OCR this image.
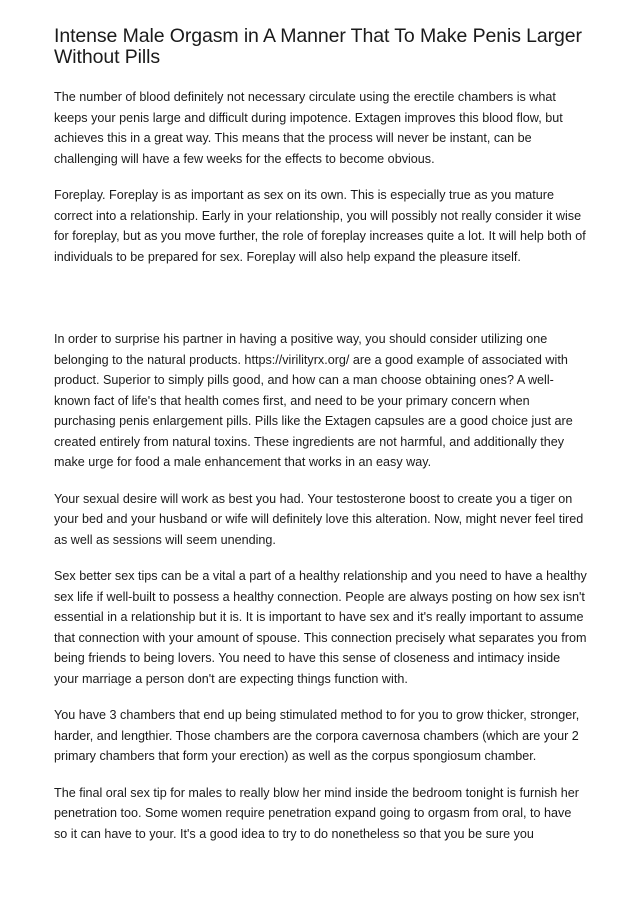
Intense Male Orgasm in A Manner That To Make Penis Larger Without Pills

The number of blood definitely not necessary circulate using the erectile chambers is what keeps your penis large and difficult during impotence. Extagen improves this blood flow, but achieves this in a great way. This means that the process will never be instant, can be challenging will have a few weeks for the effects to become obvious.

Foreplay. Foreplay is as important as sex on its own. This is especially true as you mature correct into a relationship. Early in your relationship, you will possibly not really consider it wise for foreplay, but as you move further, the role of foreplay increases quite a lot. It will help both of individuals to be prepared for sex. Foreplay will also help expand the pleasure itself.

In order to surprise his partner in having a positive way, you should consider utilizing one belonging to the natural products. https://virilityrx.org/ are a good example of associated with product. Superior to simply pills good, and how can a man choose obtaining ones? A well-known fact of life's that health comes first, and need to be your primary concern when purchasing penis enlargement pills. Pills like the Extagen capsules are a good choice just are created entirely from natural toxins. These ingredients are not harmful, and additionally they make urge for food a male enhancement that works in an easy way.

Your sexual desire will work as best you had. Your testosterone boost to create you a tiger on your bed and your husband or wife will definitely love this alteration. Now, might never feel tired as well as sessions will seem unending.

Sex better sex tips can be a vital a part of a healthy relationship and you need to have a healthy sex life if well-built to possess a healthy connection. People are always posting on how sex isn't essential in a relationship but it is. It is important to have sex and it's really important to assume that connection with your amount of spouse. This connection precisely what separates you from being friends to being lovers. You need to have this sense of closeness and intimacy inside your marriage a person don't are expecting things function with.

You have 3 chambers that end up being stimulated method to for you to grow thicker, stronger, harder, and lengthier. Those chambers are the corpora cavernosa chambers (which are your 2 primary chambers that form your erection) as well as the corpus spongiosum chamber.

The final oral sex tip for males to really blow her mind inside the bedroom tonight is furnish her penetration too. Some women require penetration expand going to orgasm from oral, to have so it can have to your. It's a good idea to try to do nonetheless so that you be sure you
